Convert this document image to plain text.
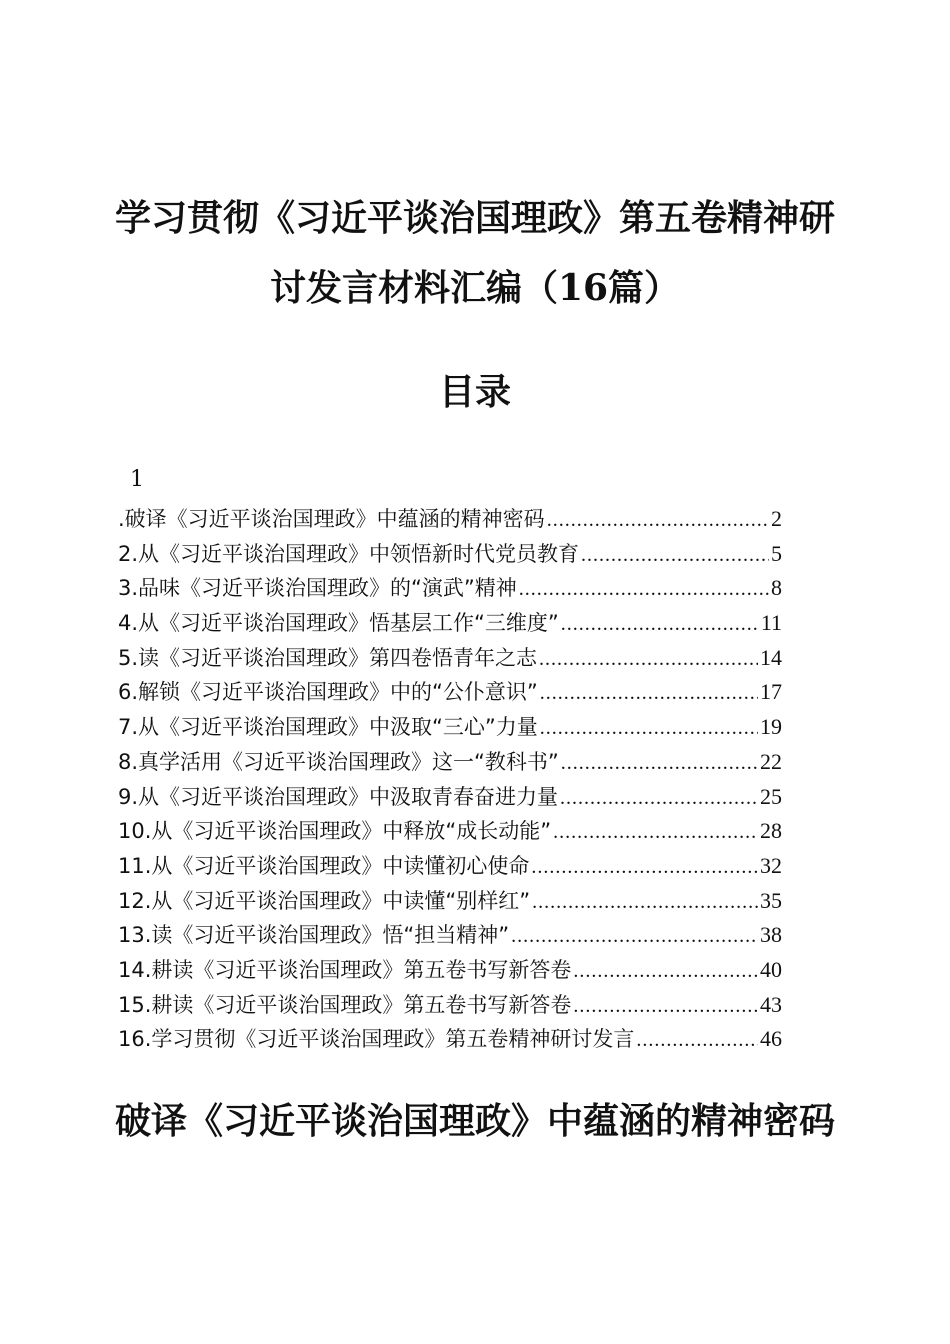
学习贯彻《习近平谈治国理政》第五卷精神研
讨发言材料汇编（16篇）
目录
1
.破译《习近平谈治国理政》中蕴涵的精神密码 .....	2
2.从《习近平谈治国理政》中领悟新时代党员教育 .....	5
3.品味《习近平谈治国理政》的“演武”精神 .....	8
4.从《习近平谈治国理政》悟基层工作“三维度” .....	11
5.读《习近平谈治国理政》第四卷悟青年之志 .....	14
6.解锁《习近平谈治国理政》中的“公仆意识” .....	17
7.从《习近平谈治国理政》中汲取“三心”力量 .....	19
8.真学活用《习近平谈治国理政》这一“教科书” .....	22
9.从《习近平谈治国理政》中汲取青春奋进力量 .....	25
10.从《习近平谈治国理政》中释放“成长动能” .....	28
11.从《习近平谈治国理政》中读懂初心使命 .....	32
12.从《习近平谈治国理政》中读懂“别样红” .....	35
13.读《习近平谈治国理政》悟“担当精神” .....	38
14.耕读《习近平谈治国理政》第五卷书写新答卷 .....	40
15.耕读《习近平谈治国理政》第五卷书写新答卷 .....	43
16.学习贯彻《习近平谈治国理政》第五卷精神研讨发言 .....	46
破译《习近平谈治国理政》中蕴涵的精神密码
